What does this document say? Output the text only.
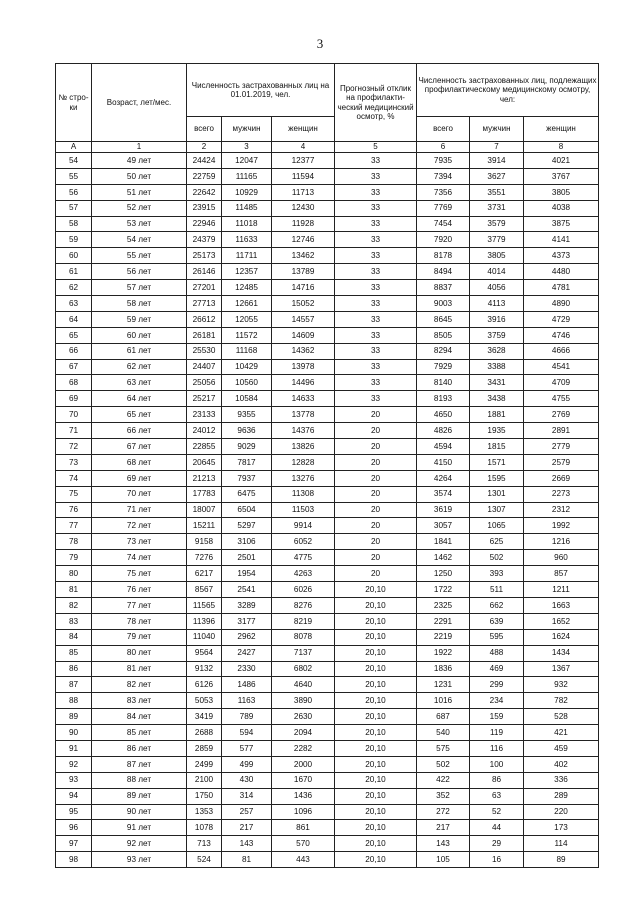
3
№ стро-ки	Возраст, лет/мес.	Численность застрахованных лиц на 01.01.2019, чел.			Прогнозный отклик на профилакти-ческий медицинский осмотр, %	Численность застрахованных лиц, подлежащих профилактическому медицинскому осмотру, чел:		
		всего	мужчин	женщин		всего	мужчин	женщин
А	1	2	3	4	5	6	7	8
54	49 лет	24424	12047	12377	33	7935	3914	4021
55	50 лет	22759	11165	11594	33	7394	3627	3767
56	51 лет	22642	10929	11713	33	7356	3551	3805
57	52 лет	23915	11485	12430	33	7769	3731	4038
58	53 лет	22946	11018	11928	33	7454	3579	3875
59	54 лет	24379	11633	12746	33	7920	3779	4141
60	55 лет	25173	11711	13462	33	8178	3805	4373
61	56 лет	26146	12357	13789	33	8494	4014	4480
62	57 лет	27201	12485	14716	33	8837	4056	4781
63	58 лет	27713	12661	15052	33	9003	4113	4890
64	59 лет	26612	12055	14557	33	8645	3916	4729
65	60 лет	26181	11572	14609	33	8505	3759	4746
66	61 лет	25530	11168	14362	33	8294	3628	4666
67	62 лет	24407	10429	13978	33	7929	3388	4541
68	63 лет	25056	10560	14496	33	8140	3431	4709
69	64 лет	25217	10584	14633	33	8193	3438	4755
70	65 лет	23133	9355	13778	20	4650	1881	2769
71	66 лет	24012	9636	14376	20	4826	1935	2891
72	67 лет	22855	9029	13826	20	4594	1815	2779
73	68 лет	20645	7817	12828	20	4150	1571	2579
74	69 лет	21213	7937	13276	20	4264	1595	2669
75	70 лет	17783	6475	11308	20	3574	1301	2273
76	71 лет	18007	6504	11503	20	3619	1307	2312
77	72 лет	15211	5297	9914	20	3057	1065	1992
78	73 лет	9158	3106	6052	20	1841	625	1216
79	74 лет	7276	2501	4775	20	1462	502	960
80	75 лет	6217	1954	4263	20	1250	393	857
81	76 лет	8567	2541	6026	20,10	1722	511	1211
82	77 лет	11565	3289	8276	20,10	2325	662	1663
83	78 лет	11396	3177	8219	20,10	2291	639	1652
84	79 лет	11040	2962	8078	20,10	2219	595	1624
85	80 лет	9564	2427	7137	20,10	1922	488	1434
86	81 лет	9132	2330	6802	20,10	1836	469	1367
87	82 лет	6126	1486	4640	20,10	1231	299	932
88	83 лет	5053	1163	3890	20,10	1016	234	782
89	84 лет	3419	789	2630	20,10	687	159	528
90	85 лет	2688	594	2094	20,10	540	119	421
91	86 лет	2859	577	2282	20,10	575	116	459
92	87 лет	2499	499	2000	20,10	502	100	402
93	88 лет	2100	430	1670	20,10	422	86	336
94	89 лет	1750	314	1436	20,10	352	63	289
95	90 лет	1353	257	1096	20,10	272	52	220
96	91 лет	1078	217	861	20,10	217	44	173
97	92 лет	713	143	570	20,10	143	29	114
98	93 лет	524	81	443	20,10	105	16	89
